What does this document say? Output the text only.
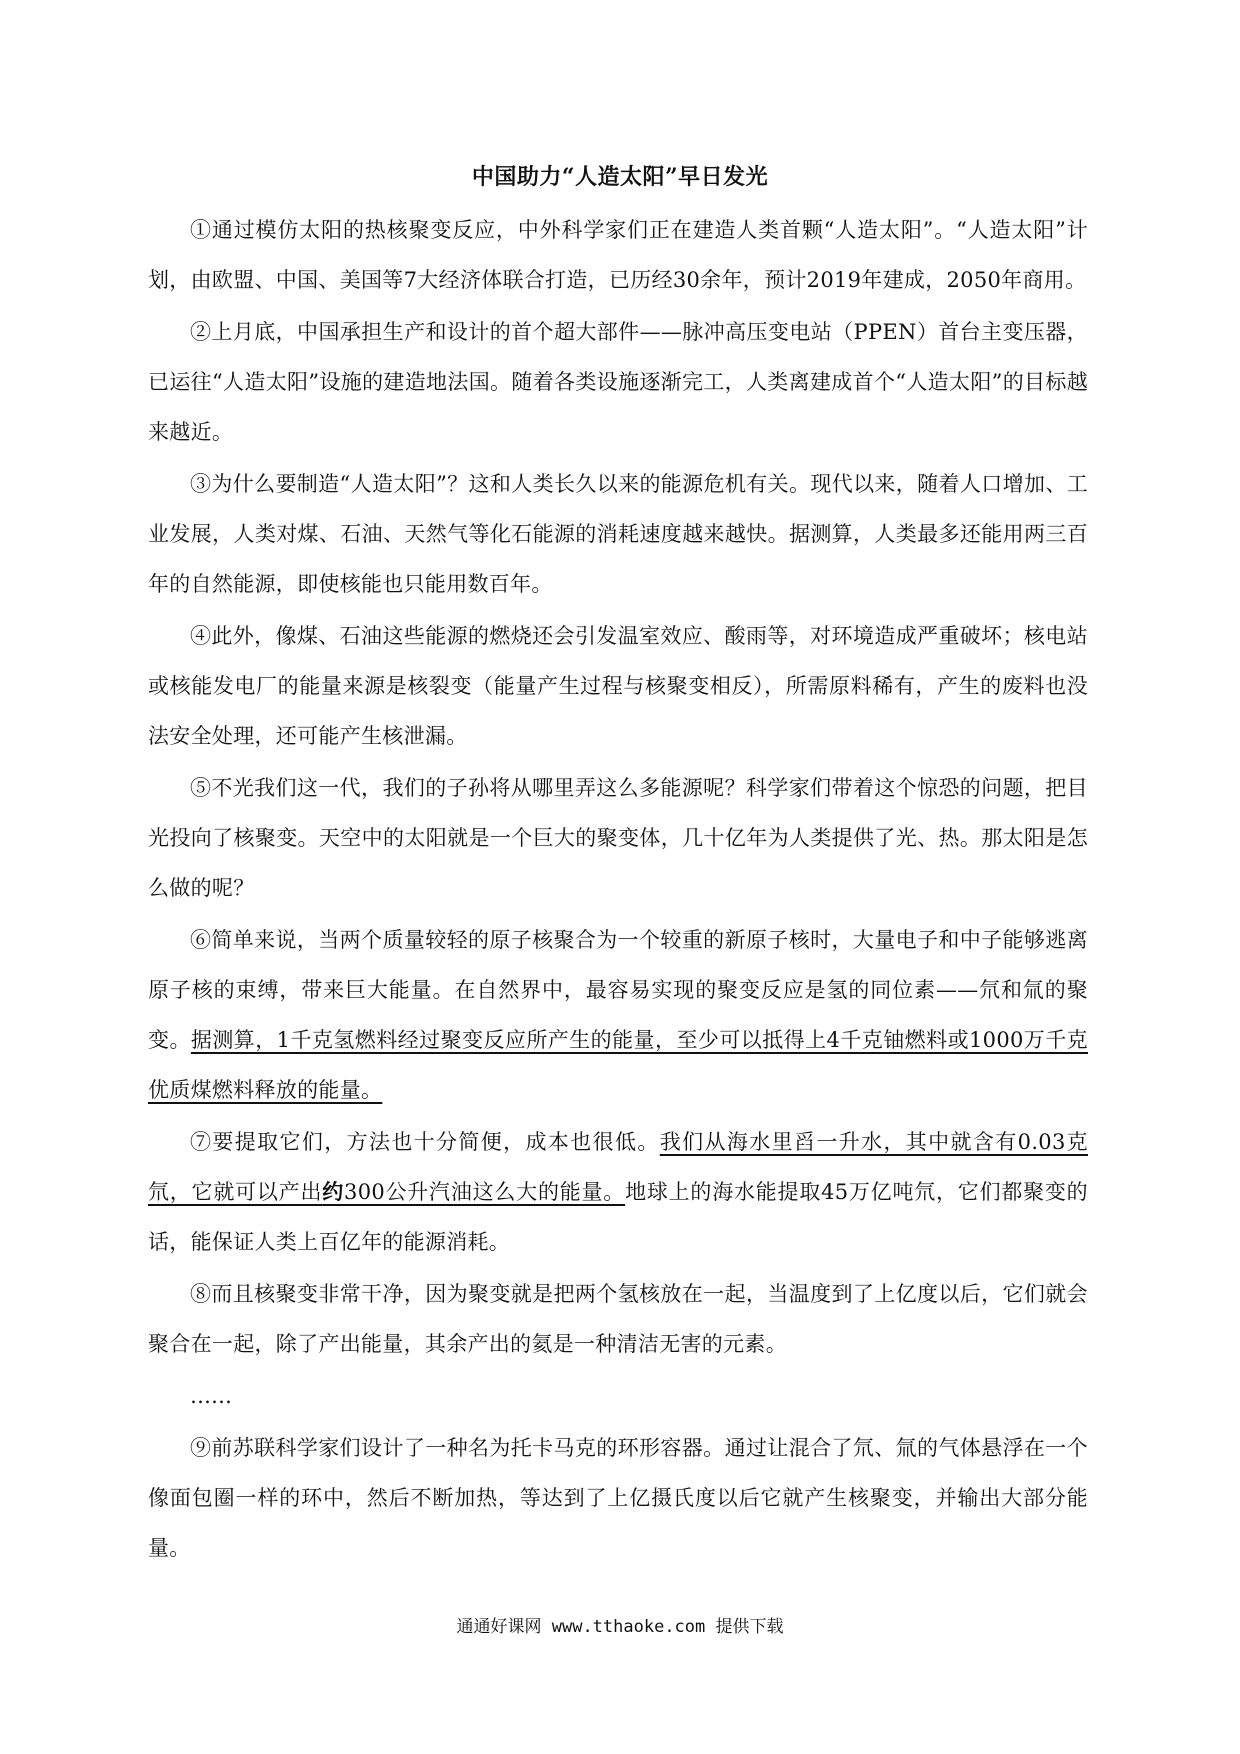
中国助力“人造太阳”早日发光

①通过模仿太阳的热核聚变反应，中外科学家们正在建造人类首颗“人造太阳”。“人造太阳”计划，由欧盟、中国、美国等7大经济体联合打造，已历经30余年，预计2019年建成，2050年商用。

②上月底，中国承担生产和设计的首个超大部件——脉冲高压变电站（PPEN）首台主变压器，已运往“人造太阳”设施的建造地法国。随着各类设施逐渐完工，人类离建成首个“人造太阳”的目标越来越近。

③为什么要制造“人造太阳”？这和人类长久以来的能源危机有关。现代以来，随着人口增加、工业发展，人类对煤、石油、天然气等化石能源的消耗速度越来越快。据测算，人类最多还能用两三百年的自然能源，即使核能也只能用数百年。

④此外，像煤、石油这些能源的燃烧还会引发温室效应、酸雨等，对环境造成严重破坏；核电站或核能发电厂的能量来源是核裂变（能量产生过程与核聚变相反），所需原料稀有，产生的废料也没法安全处理，还可能产生核泄漏。

⑤不光我们这一代，我们的子孙将从哪里弄这么多能源呢？科学家们带着这个惊恐的问题，把目光投向了核聚变。天空中的太阳就是一个巨大的聚变体，几十亿年为人类提供了光、热。那太阳是怎么做的呢？

⑥简单来说，当两个质量较轻的原子核聚合为一个较重的新原子核时，大量电子和中子能够逃离原子核的束缚，带来巨大能量。在自然界中，最容易实现的聚变反应是氢的同位素——氘和氚的聚变。据测算，1千克氢燃料经过聚变反应所产生的能量，至少可以抵得上4千克铀燃料或1000万千克优质煤燃料释放的能量。

⑦要提取它们，方法也十分简便，成本也很低。我们从海水里舀一升水，其中就含有0.03克氘，它就可以产出约300公升汽油这么大的能量。地球上的海水能提取45万亿吨氘，它们都聚变的话，能保证人类上百亿年的能源消耗。

⑧而且核聚变非常干净，因为聚变就是把两个氢核放在一起，当温度到了上亿度以后，它们就会聚合在一起，除了产出能量，其余产出的氦是一种清洁无害的元素。

……

⑨前苏联科学家们设计了一种名为托卡马克的环形容器。通过让混合了氘、氚的气体悬浮在一个像面包圈一样的环中，然后不断加热，等达到了上亿摄氏度以后它就产生核聚变，并输出大部分能量。

通通好课网 www.tthaoke.com 提供下载
